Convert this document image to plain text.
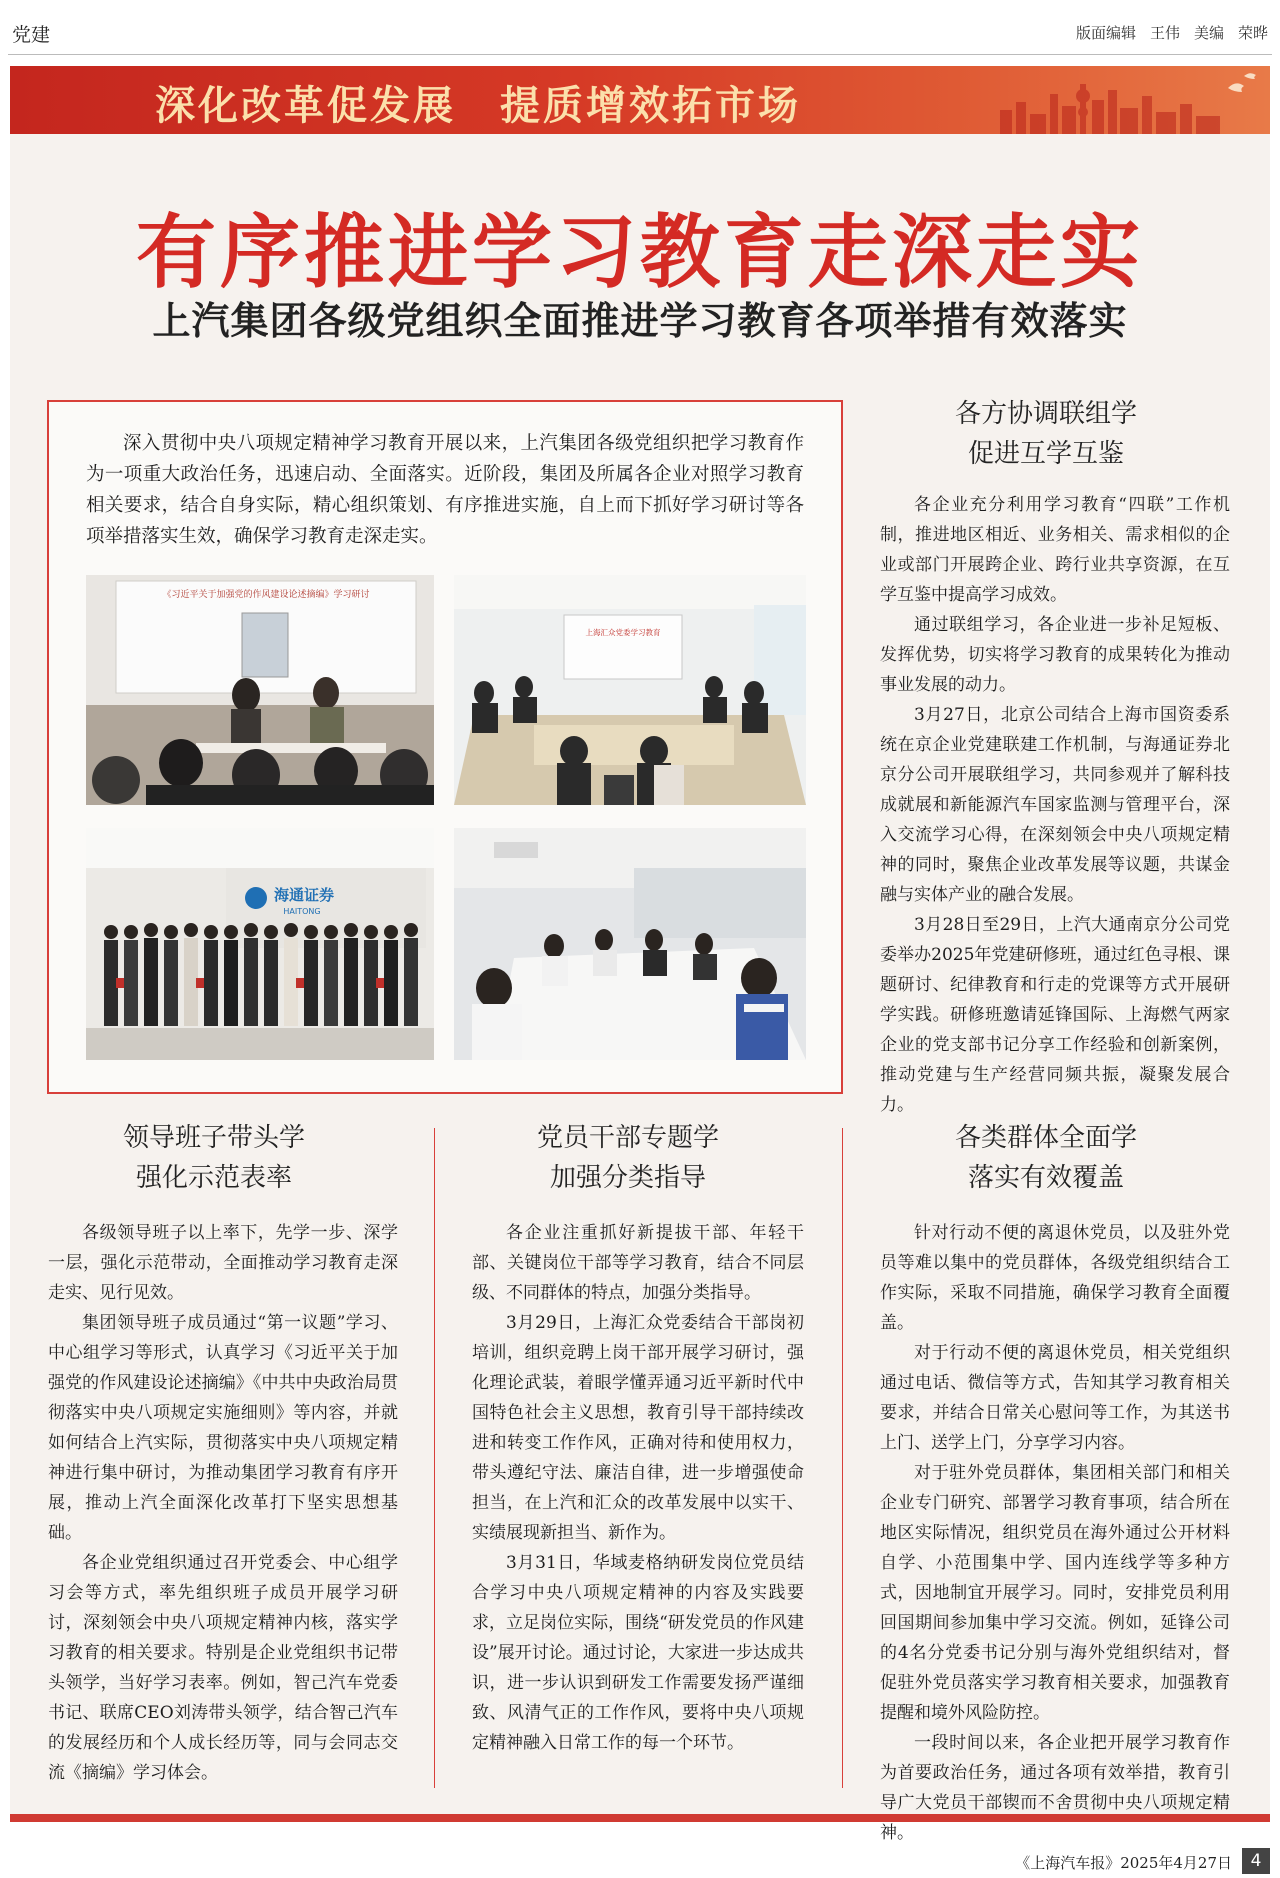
党建	版面编辑 王伟 美编 荣晔
深化改革促发展 提质增效拓市场
有序推进学习教育走深走实
上汽集团各级党组织全面推进学习教育各项举措有效落实
深入贯彻中央八项规定精神学习教育开展以来，上汽集团各级党组织把学习教育作为一项重大政治任务，迅速启动、全面落实。近阶段，集团及所属各企业对照学习教育相关要求，结合自身实际，精心组织策划、有序推进实施，自上而下抓好学习研讨等各项举措落实生效，确保学习教育走深走实。
《习近平关于加强党的作风建设论述摘编》学习研讨
上海汇众党委学习教育
海通证券
HAITONG
各方协调联组学
促进互学互鉴

各企业充分利用学习教育“四联”工作机制，推进地区相近、业务相关、需求相似的企业或部门开展跨企业、跨行业共享资源，在互学互鉴中提高学习成效。

通过联组学习，各企业进一步补足短板、发挥优势，切实将学习教育的成果转化为推动事业发展的动力。

3月27日，北京公司结合上海市国资委系统在京企业党建联建工作机制，与海通证券北京分公司开展联组学习，共同参观并了解科技成就展和新能源汽车国家监测与管理平台，深入交流学习心得，在深刻领会中央八项规定精神的同时，聚焦企业改革发展等议题，共谋金融与实体产业的融合发展。

3月28日至29日，上汽大通南京分公司党委举办2025年党建研修班，通过红色寻根、课题研讨、纪律教育和行走的党课等方式开展研学实践。研修班邀请延锋国际、上海燃气两家企业的党支部书记分享工作经验和创新案例，推动党建与生产经营同频共振，凝聚发展合力。

领导班子带头学
强化示范表率

各级领导班子以上率下，先学一步、深学一层，强化示范带动，全面推动学习教育走深走实、见行见效。

集团领导班子成员通过“第一议题”学习、中心组学习等形式，认真学习《习近平关于加强党的作风建设论述摘编》《中共中央政治局贯彻落实中央八项规定实施细则》等内容，并就如何结合上汽实际，贯彻落实中央八项规定精神进行集中研讨，为推动集团学习教育有序开展，推动上汽全面深化改革打下坚实思想基础。

各企业党组织通过召开党委会、中心组学习会等方式，率先组织班子成员开展学习研讨，深刻领会中央八项规定精神内核，落实学习教育的相关要求。特别是企业党组织书记带头领学，当好学习表率。例如，智己汽车党委书记、联席CEO刘涛带头领学，结合智己汽车的发展经历和个人成长经历等，同与会同志交流《摘编》学习体会。

党员干部专题学
加强分类指导

各企业注重抓好新提拔干部、年轻干部、关键岗位干部等学习教育，结合不同层级、不同群体的特点，加强分类指导。

3月29日，上海汇众党委结合干部岗初培训，组织竞聘上岗干部开展学习研讨，强化理论武装，着眼学懂弄通习近平新时代中国特色社会主义思想，教育引导干部持续改进和转变工作作风，正确对待和使用权力，带头遵纪守法、廉洁自律，进一步增强使命担当，在上汽和汇众的改革发展中以实干、实绩展现新担当、新作为。

3月31日，华域麦格纳研发岗位党员结合学习中央八项规定精神的内容及实践要求，立足岗位实际，围绕“研发党员的作风建设”展开讨论。通过讨论，大家进一步达成共识，进一步认识到研发工作需要发扬严谨细致、风清气正的工作作风，要将中央八项规定精神融入日常工作的每一个环节。

各类群体全面学
落实有效覆盖

针对行动不便的离退休党员，以及驻外党员等难以集中的党员群体，各级党组织结合工作实际，采取不同措施，确保学习教育全面覆盖。

对于行动不便的离退休党员，相关党组织通过电话、微信等方式，告知其学习教育相关要求，并结合日常关心慰问等工作，为其送书上门、送学上门，分享学习内容。

对于驻外党员群体，集团相关部门和相关企业专门研究、部署学习教育事项，结合所在地区实际情况，组织党员在海外通过公开材料自学、小范围集中学、国内连线学等多种方式，因地制宜开展学习。同时，安排党员利用回国期间参加集中学习交流。例如，延锋公司的4名分党委书记分别与海外党组织结对，督促驻外党员落实学习教育相关要求，加强教育提醒和境外风险防控。

一段时间以来，各企业把开展学习教育作为首要政治任务，通过各项有效举措，教育引导广大党员干部锲而不舍贯彻中央八项规定精神。

《上海汽车报》2025年4月27日	4
